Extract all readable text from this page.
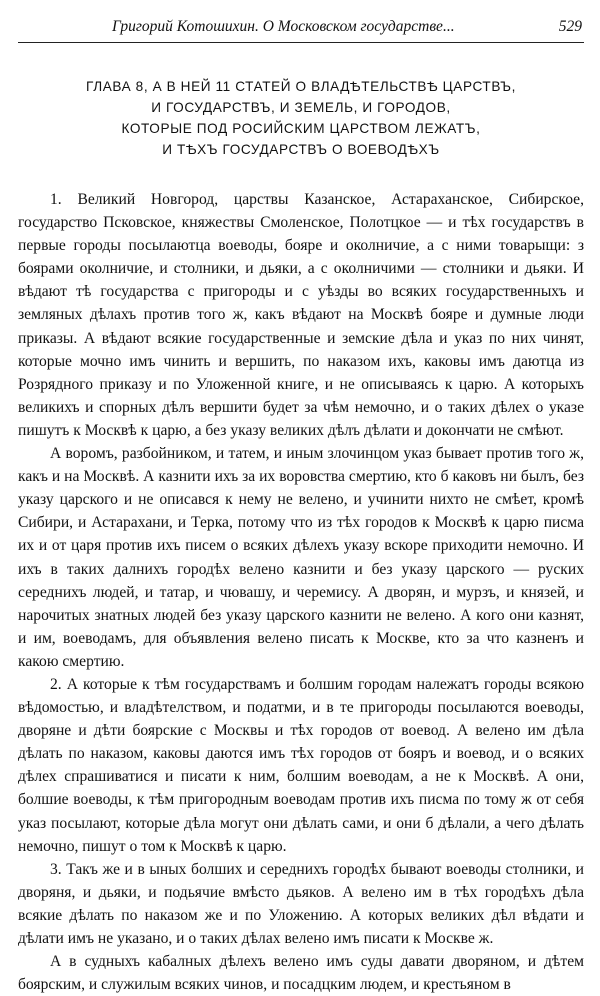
Григорий Котошихин. О Московском государстве...	529
ГЛАВА 8, А В НЕЙ 11 СТАТЕЙ О ВЛАДѢТЕЛЬСТВѢ ЦАРСТВЪ,
И ГОСУДАРСТВЪ, И ЗЕМЕЛЬ, И ГОРОДОВ,
КОТОРЫЕ ПОД РОСИЙСКИМ ЦАРСТВОМ ЛЕЖАТЪ,
И ТѢХЪ ГОСУДАРСТВЪ О ВОЕВОДѢХЪ

1. Великий Новгород, царствы Казанское, Астараханское, Сибирское, государство Псковское, княжествы Смоленское, Полотцкое — и тѣх государствъ в первые городы посылаютца воеводы, бояре и околничие, а с ними товарыщи: з боярами околничие, и столники, и дьяки, а с околничими — столники и дьяки. И вѣдают тѣ государства с пригороды и с уѣзды во всяких государственныхъ и земляных дѣлахъ против того ж, какъ вѣдают на Москвѣ бояре и думные люди приказы. А вѣдают всякие государственные и земские дѣла и указ по них чинят, которые мочно имъ чинить и вершить, по наказом ихъ, каковы имъ даютца из Розрядного приказу и по Уложенной книге, и не описываясь к царю. А которыхъ великихъ и спорных дѣлъ вершити будет за чѣм немочно, и о таких дѣлех о указе пишутъ к Москвѣ к царю, а без указу великих дѣлъ дѣлати и докончати не смѣют.

А воромъ, разбойником, и татем, и иным злочинцом указ бывает против того ж, какъ и на Москвѣ. А казнити ихъ за их воровства смертию, кто б каковъ ни былъ, без указу царского и не описався к нему не велено, и учинити нихто не смѣет, кромѣ Сибири, и Астарахани, и Терка, потому что из тѣх городов к Москвѣ к царю писма их и от царя против ихъ писем о всяких дѣлехъ указу вскоре приходити немочно. И ихъ в таких далнихъ городѣх велено казнити и без указу царского — руских середнихъ людей, и татар, и чювашу, и черемису. А дворян, и мурзъ, и князей, и нарочитых знатных людей без указу царского казнити не велено. А кого они казнят, и им, воеводамъ, для объявления велено писать к Москве, кто за что казненъ и какою смертию.

2. А которые к тѣм государствамъ и болшим городам належатъ городы всякою вѣдомостью, и владѣтелством, и податми, и в те пригороды посылаются воеводы, дворяне и дѣти боярские с Москвы и тѣх городов от воевод. А велено им дѣла дѣлать по наказом, каковы даются имъ тѣх городов от бояръ и воевод, и о всяких дѣлех спрашиватися и писати к ним, болшим воеводам, а не к Москвѣ. А они, болшие воеводы, к тѣм пригородным воеводам против ихъ писма по тому ж от ceбя указ посылают, которые дѣла могут они дѣлать сами, и они б дѣлали, а чего дѣлать немочно, пишут о том к Москвѣ к царю.

3. Такъ же и в ыных болших и середнихъ городѣх бывают воеводы столники, и дворяня, и дьяки, и подьячие вмѣсто дьяков. А велено им в тѣх городѣхъ дѣла всякие дѣлать по наказом же и по Уложению. А которых великих дѣл вѣдати и дѣлати имъ не указано, и о таких дѣлах велено имъ писати к Москве ж.

А в судныхъ кабалных дѣлехъ велено имъ суды давати дворяном, и дѣтем боярским, и служилым всяких чинов, и посадцким людем, и крестьяном в
